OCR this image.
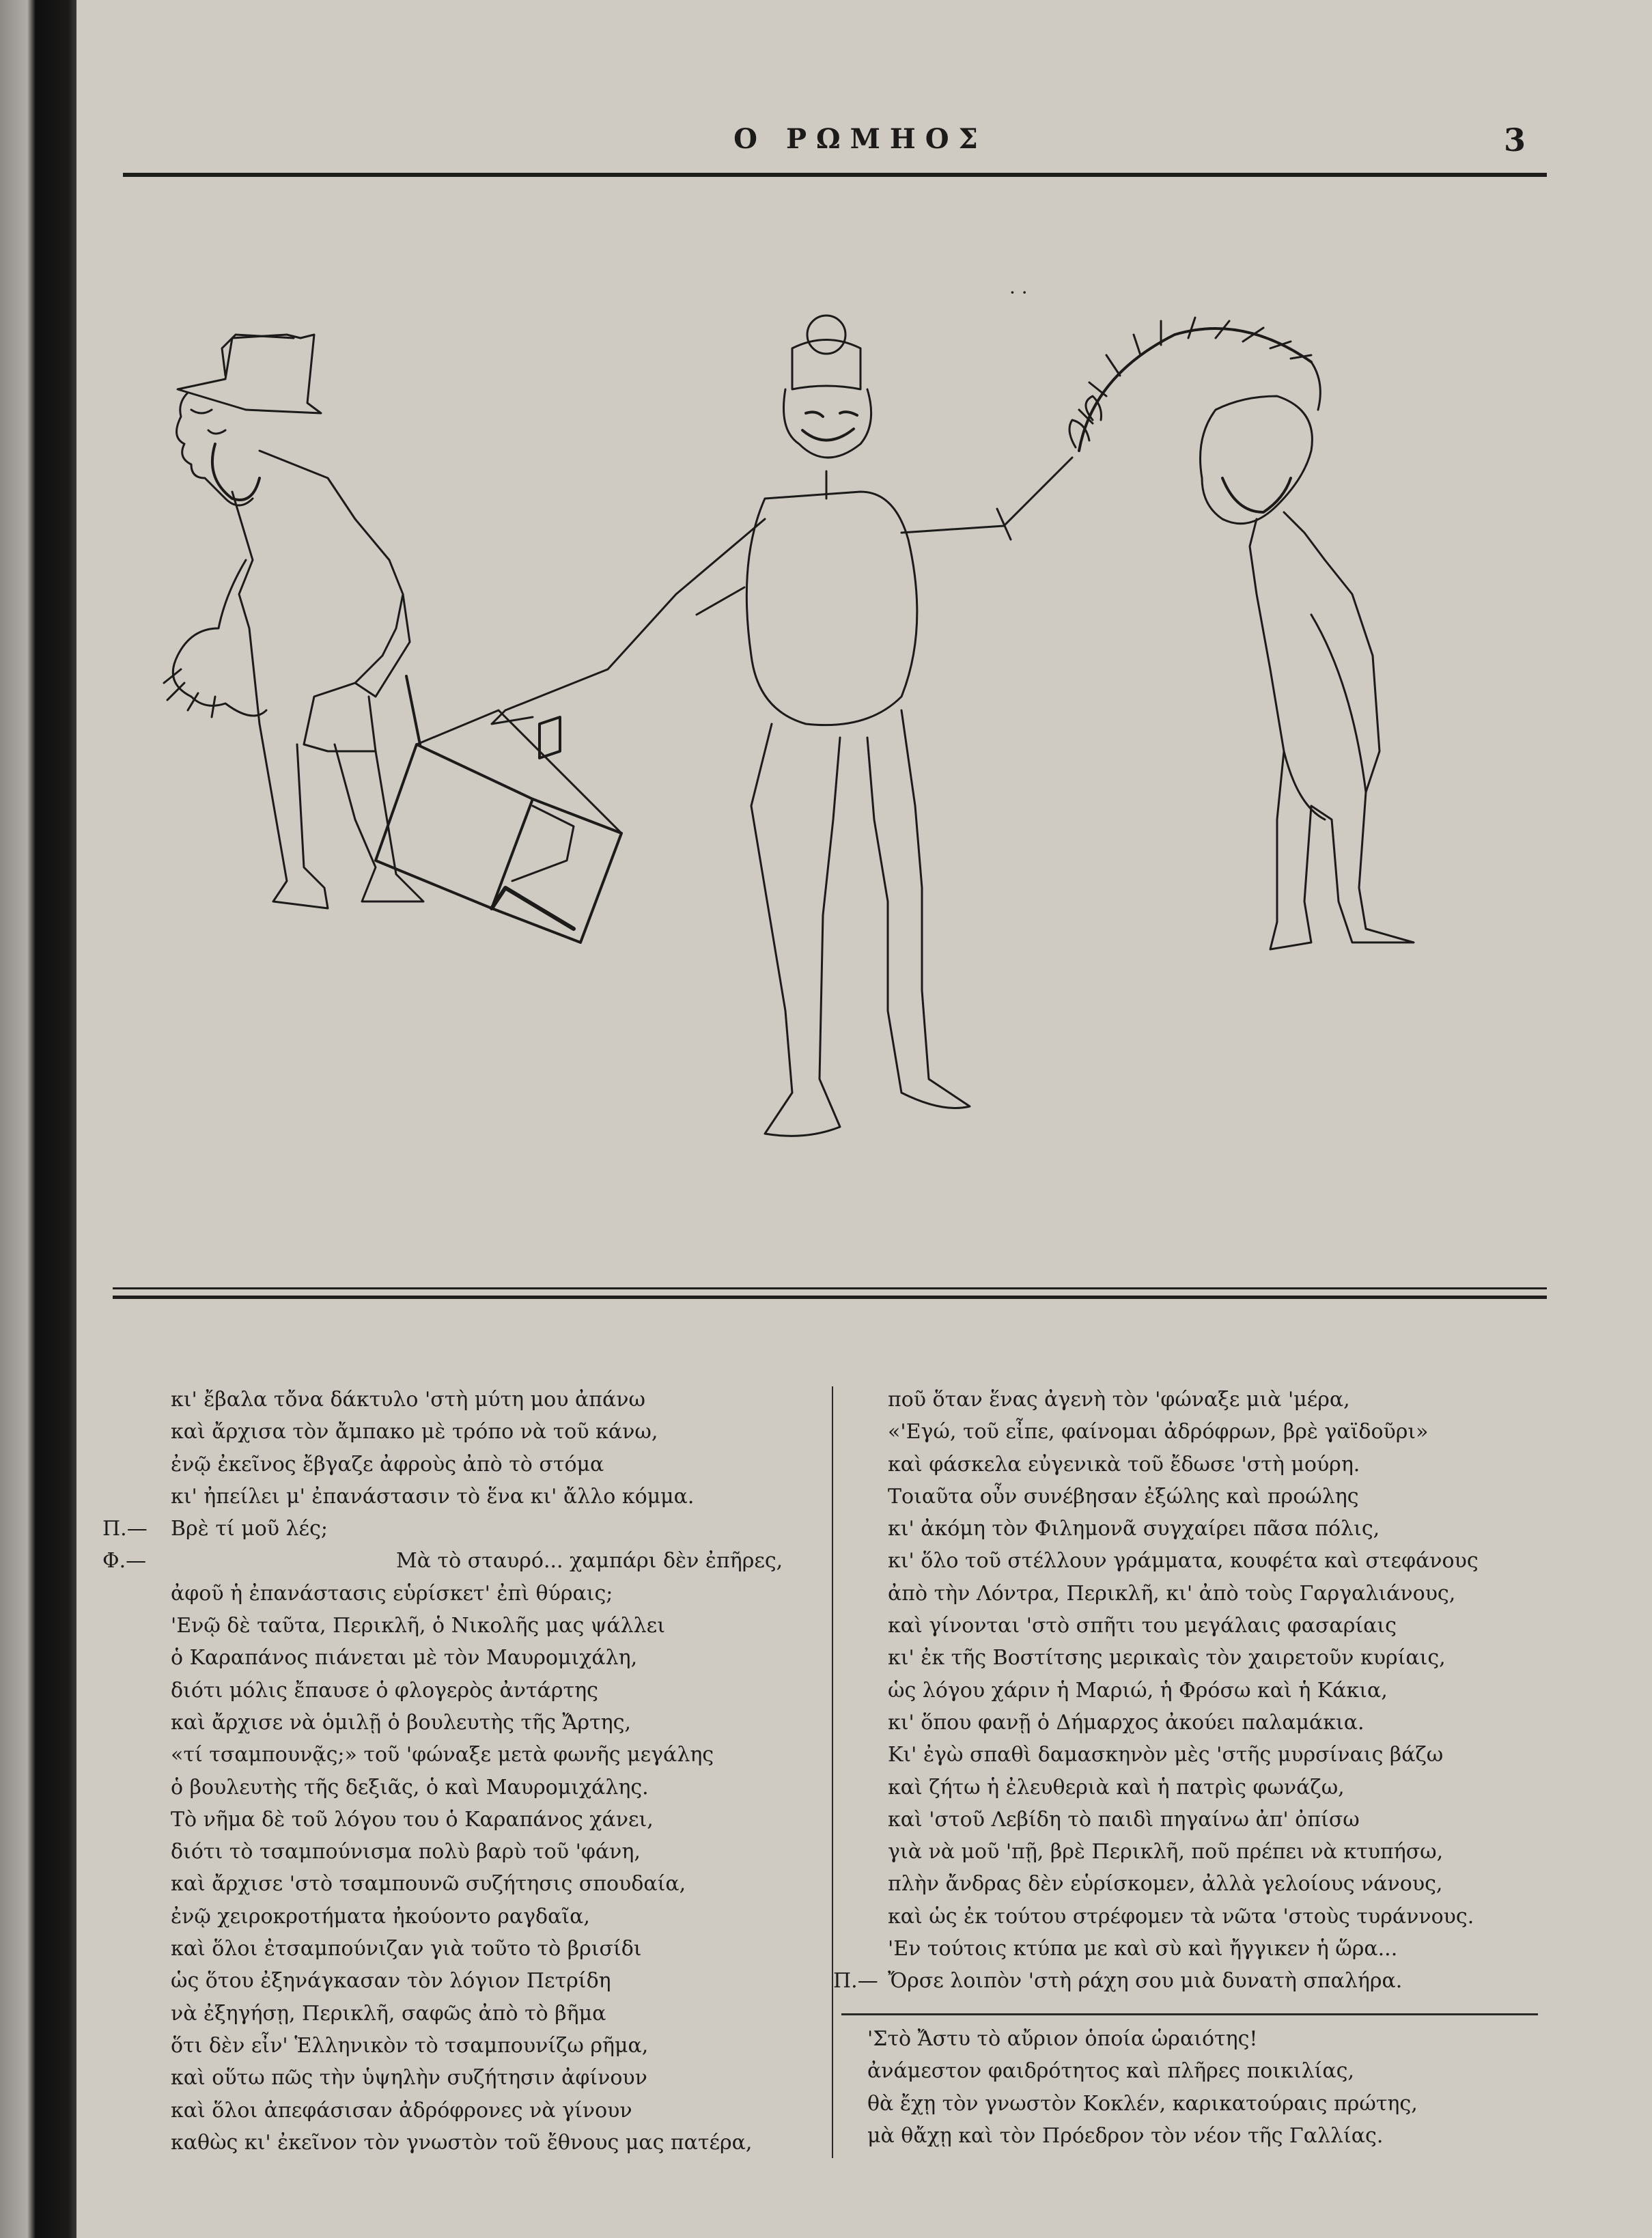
Ο ΡΩΜΗΟΣ	3
· ·
κι' ἔβαλα τὄνα δάκτυλο 'στὴ μύτη μου ἀπάνω
καὶ ἄρχισα τὸν ἄμπακο μὲ τρόπο νὰ τοῦ κάνω,
ἐνῷ ἐκεῖνος ἔβγαζε ἀφροὺς ἀπὸ τὸ στόμα
κι' ἠπείλει μ' ἐπανάστασιν τὸ ἕνα κι' ἄλλο κόμμα.
Π.— Βρὲ τί μοῦ λές;
Φ.—	Μὰ τὸ σταυρό... χαμπάρι δὲν ἐπῆρες,
ἀφοῦ ἡ ἐπανάστασις εὑρίσκετ' ἐπὶ θύραις;
'Ενῷ δὲ ταῦτα, Περικλῆ, ὁ Νικολῆς μας ψάλλει
ὁ Καραπάνος πιάνεται μὲ τὸν Μαυρομιχάλη,
διότι μόλις ἔπαυσε ὁ φλογερὸς ἀντάρτης
καὶ ἄρχισε νὰ ὁμιλῇ ὁ βουλευτὴς τῆς Ἄρτης,
«τί τσαμπουνᾷς;» τοῦ 'φώναξε μετὰ φωνῆς μεγάλης
ὁ βουλευτὴς τῆς δεξιᾶς, ὁ καὶ Μαυρομιχάλης.
Τὸ νῆμα δὲ τοῦ λόγου του ὁ Καραπάνος χάνει,
διότι τὸ τσαμπούνισμα πολὺ βαρὺ τοῦ 'φάνη,
καὶ ἄρχισε 'στὸ τσαμπουνῶ συζήτησις σπουδαία,
ἐνῷ χειροκροτήματα ἠκούοντο ραγδαῖα,
καὶ ὅλοι ἐτσαμπούνιζαν γιὰ τοῦτο τὸ βρισίδι
ὡς ὅτου ἐξηνάγκασαν τὸν λόγιον Πετρίδη
νὰ ἐξηγήσῃ, Περικλῆ, σαφῶς ἀπὸ τὸ βῆμα
ὅτι δὲν εἶν' Ἑλληνικὸν τὸ τσαμπουνίζω ρῆμα,
καὶ οὕτω πῶς τὴν ὑψηλὴν συζήτησιν ἀφίνουν
καὶ ὅλοι ἀπεφάσισαν ἀδρόφρονες νὰ γίνουν
καθὼς κι' ἐκεῖνον τὸν γνωστὸν τοῦ ἔθνους μας πατέρα,
ποῦ ὅταν ἕνας ἀγενὴ τὸν 'φώναξε μιὰ 'μέρα,
«'Εγώ, τοῦ εἶπε, φαίνομαι ἀδρόφρων, βρὲ γαϊδοῦρι»
καὶ φάσκελα εὐγενικὰ τοῦ ἔδωσε 'στὴ μούρη.
Τοιαῦτα οὖν συνέβησαν ἐξώλης καὶ προώλης
κι' ἀκόμη τὸν Φιλημονᾶ συγχαίρει πᾶσα πόλις,
κι' ὅλο τοῦ στέλλουν γράμματα, κουφέτα καὶ στεφάνους
ἀπὸ τὴν Λόντρα, Περικλῆ, κι' ἀπὸ τοὺς Γαργαλιάνους,
καὶ γίνονται 'στὸ σπῆτι του μεγάλαις φασαρίαις
κι' ἐκ τῆς Βοστίτσης μερικαὶς τὸν χαιρετοῦν κυρίαις,
ὡς λόγου χάριν ἡ Μαριώ, ἡ Φρόσω καὶ ἡ Κάκια,
κι' ὅπου φανῇ ὁ Δήμαρχος ἀκούει παλαμάκια.
Κι' ἐγὼ σπαθὶ δαμασκηνὸν μὲς 'στῆς μυρσίναις βάζω
καὶ ζήτω ἡ ἐλευθεριὰ καὶ ἡ πατρὶς φωνάζω,
καὶ 'στοῦ Λεβίδη τὸ παιδὶ πηγαίνω ἀπ' ὀπίσω
γιὰ νὰ μοῦ 'πῇ, βρὲ Περικλῆ, ποῦ πρέπει νὰ κτυπήσω,
πλὴν ἄνδρας δὲν εὑρίσκομεν, ἀλλὰ γελοίους νάνους,
καὶ ὡς ἐκ τούτου στρέφομεν τὰ νῶτα 'στοὺς τυράννους.
'Εν τούτοις κτύπα με καὶ σὺ καὶ ἤγγικεν ἡ ὥρα...
Π.— Ὄρσε λοιπὸν 'στὴ ράχη σου μιὰ δυνατὴ σπαλήρα.
'Στὸ Ἄστυ τὸ αὔριον ὁποία ὡραιότης!
ἀνάμεστον φαιδρότητος καὶ πλῆρες ποικιλίας,
θὰ ἔχῃ τὸν γνωστὸν Κοκλέν, καρικατούραις πρώτης,
μὰ θἄχῃ καὶ τὸν Πρόεδρον τὸν νέον τῆς Γαλλίας.
